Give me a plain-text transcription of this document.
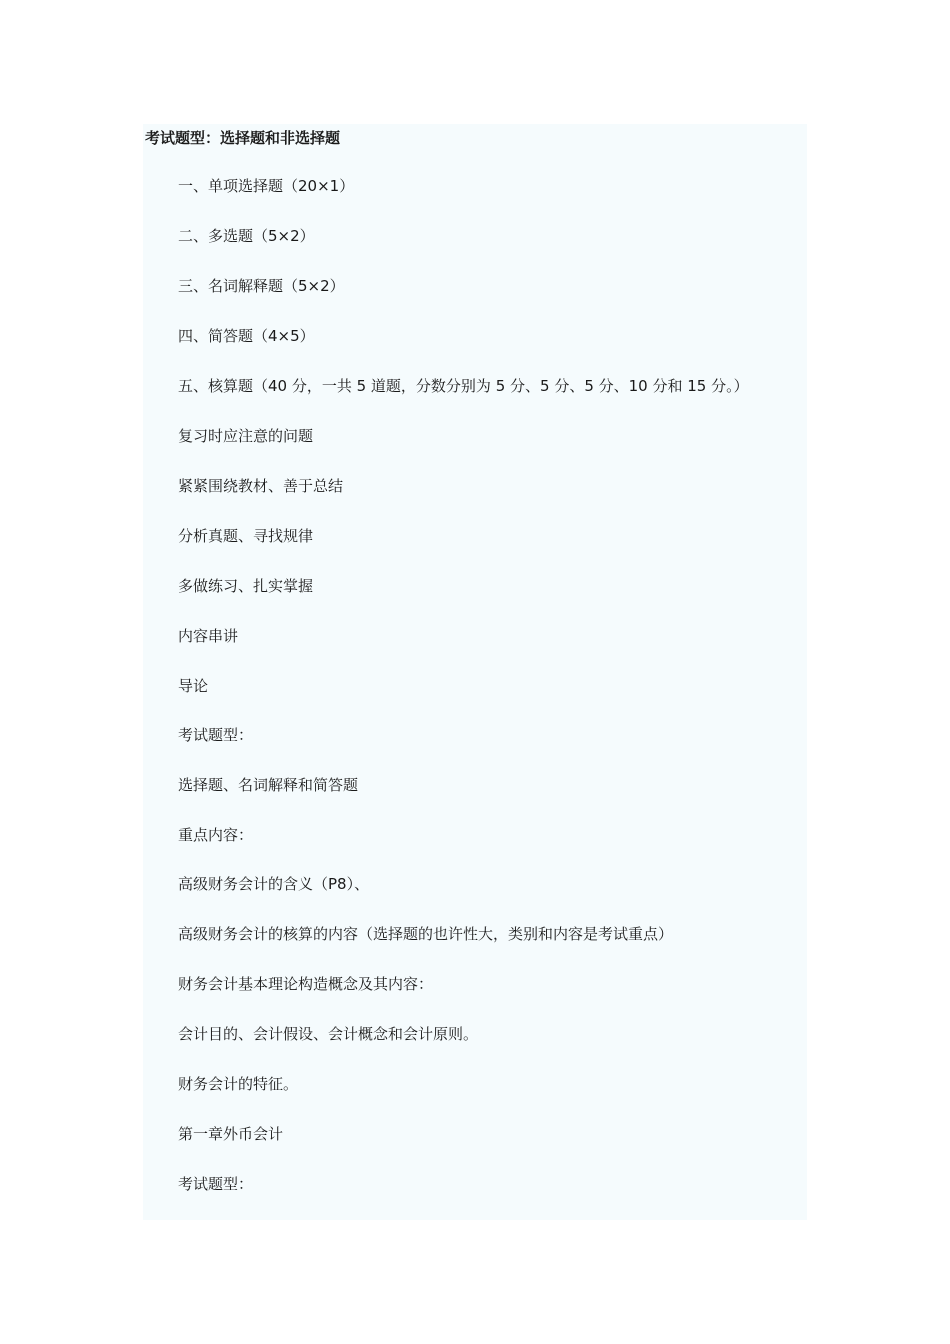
考试题型：选择题和非选择题
一、单项选择题（20×1）
二、多选题（5×2）
三、名词解释题（5×2）
四、简答题（4×5）
五、核算题（40 分，一共 5 道题，分数分别为 5 分、5 分、5 分、10 分和 15 分。）
复习时应注意的问题
紧紧围绕教材、善于总结
分析真题、寻找规律
多做练习、扎实掌握
内容串讲
导论
考试题型：
选择题、名词解释和简答题
重点内容：
高级财务会计的含义（P8）、
高级财务会计的核算的内容（选择题的也许性大，类别和内容是考试重点）
财务会计基本理论构造概念及其内容：
会计目的、会计假设、会计概念和会计原则。
财务会计的特征。
第一章外币会计
考试题型：
